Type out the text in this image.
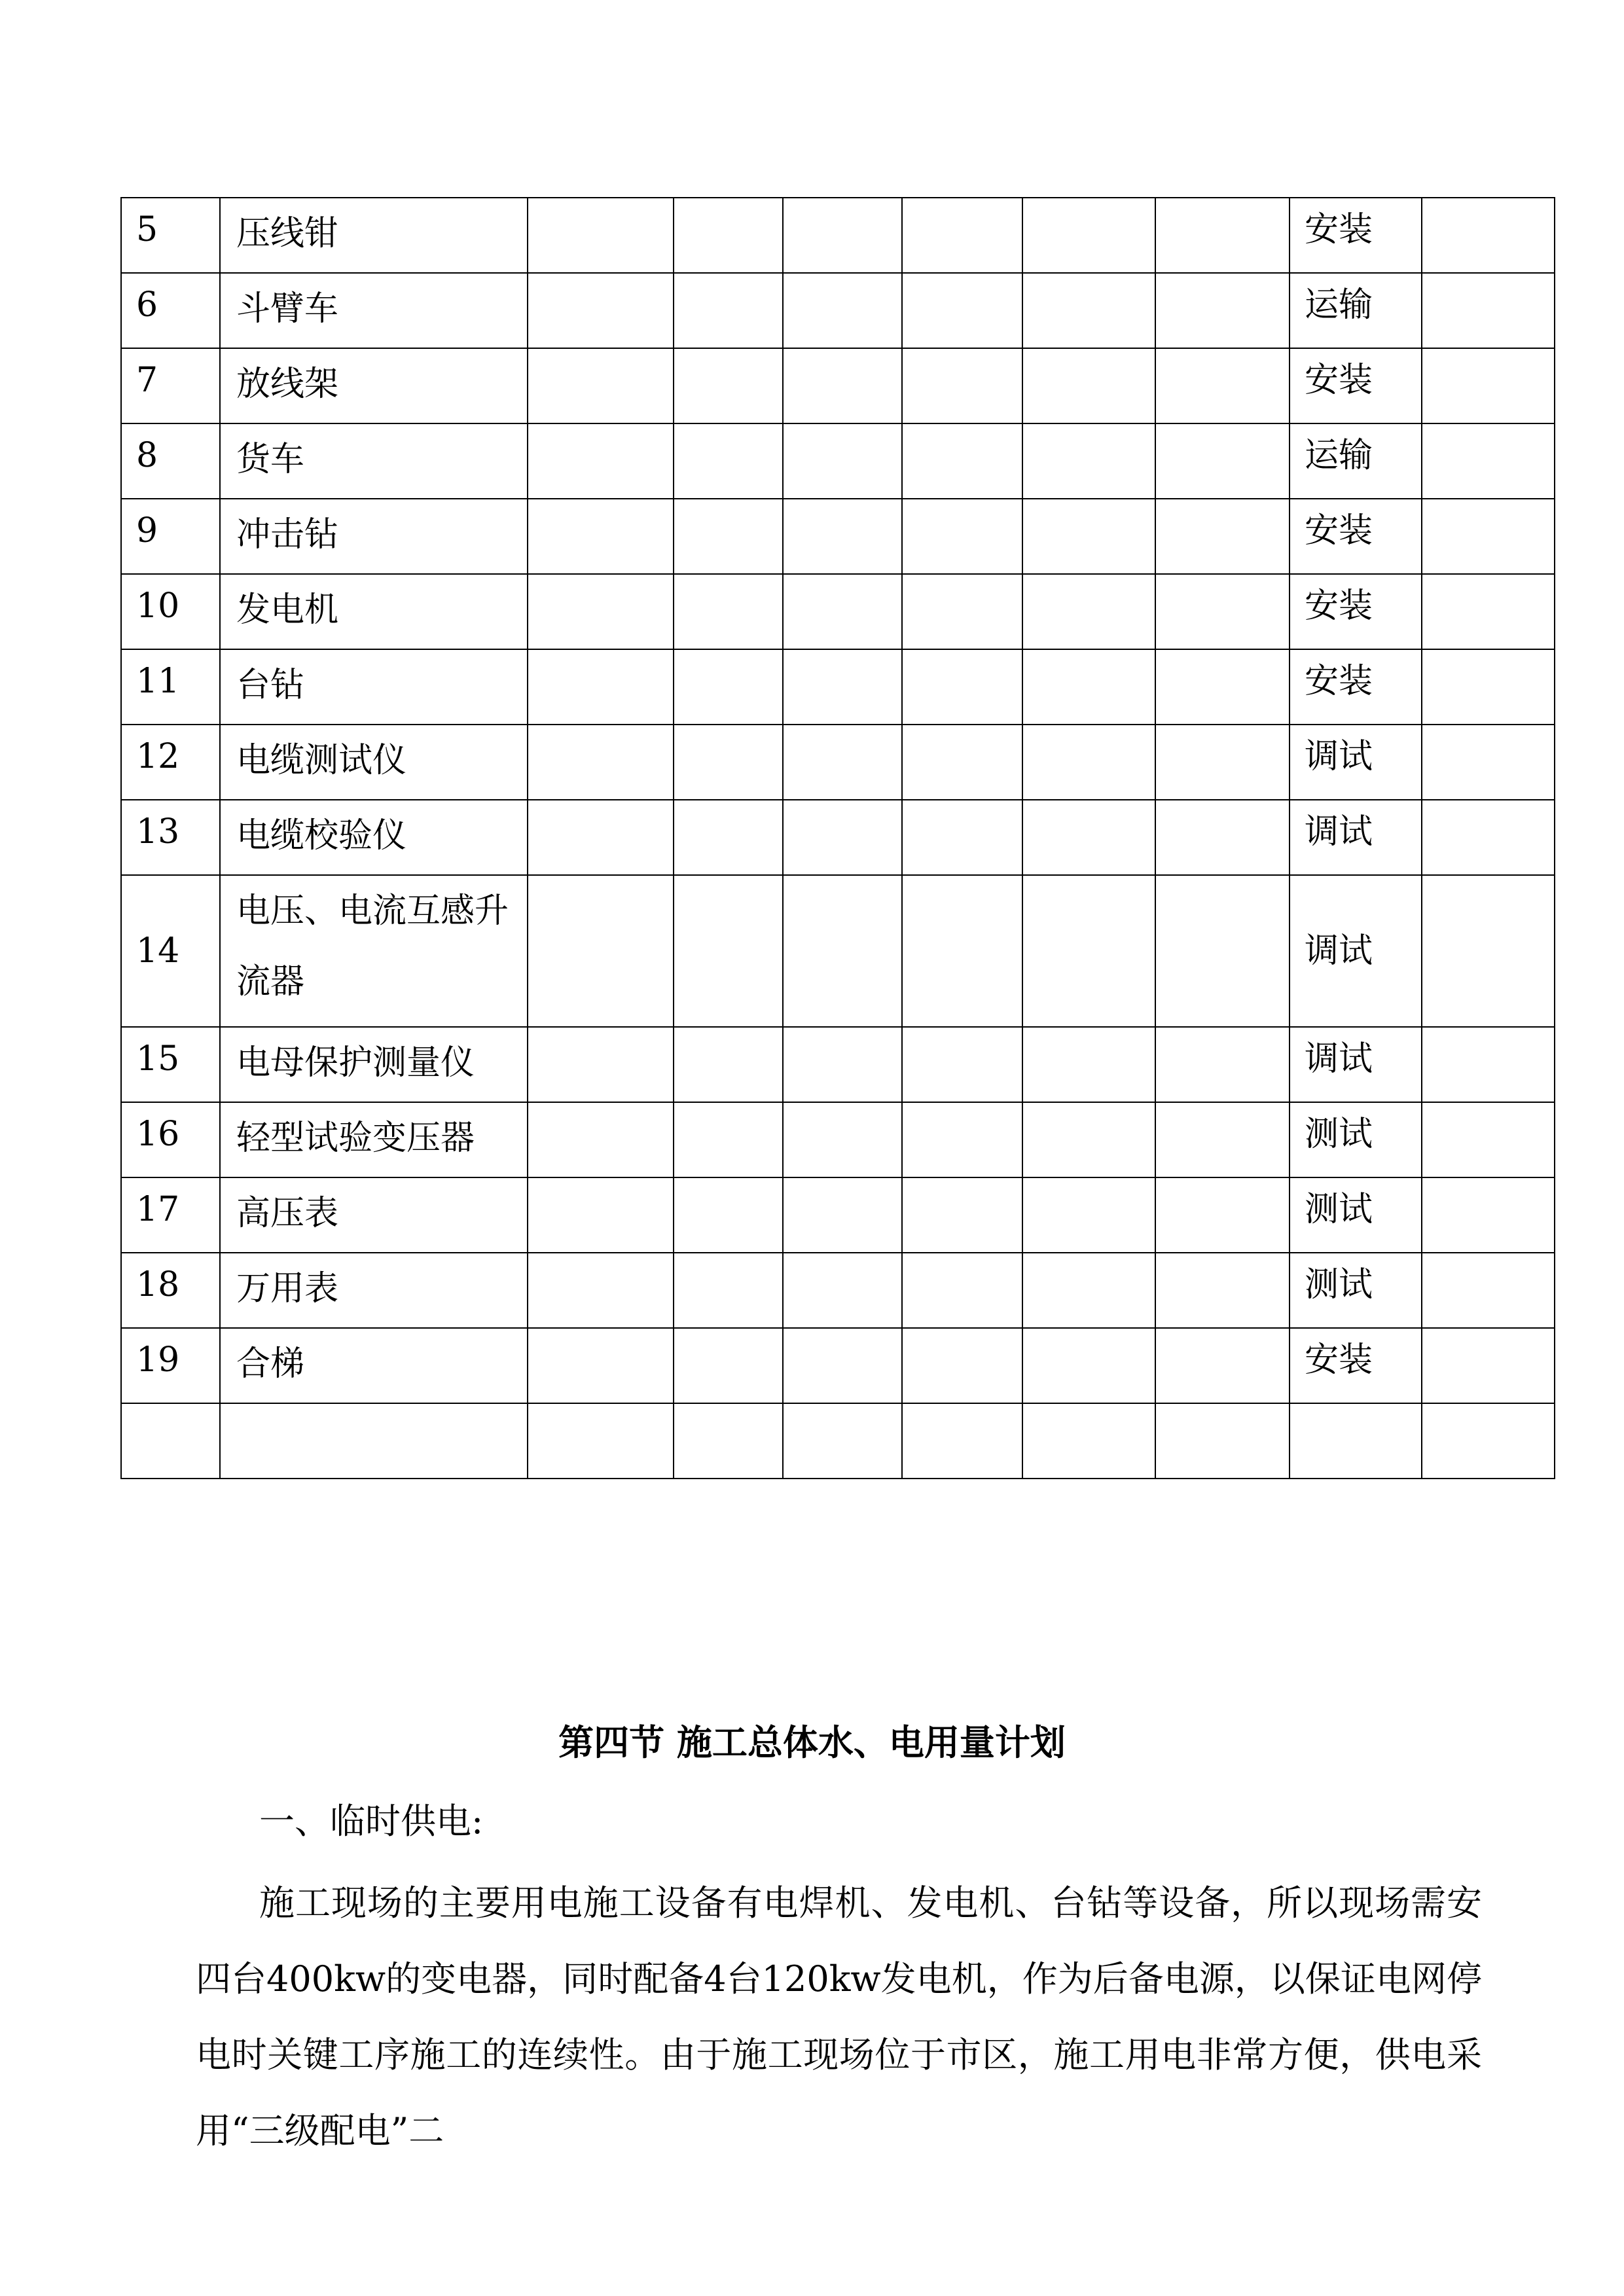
5	压线钳							安装	
6	斗臂车							运输	
7	放线架							安装	
8	货车							运输	
9	冲击钻							安装	
10	发电机							安装	
11	台钻							安装	
12	电缆测试仪							调试	
13	电缆校验仪							调试	
14	电压、电流互感升流器							调试	
15	电母保护测量仪							调试	
16	轻型试验变压器							测试	
17	高压表							测试	
18	万用表							测试	
19	合梯							安装	

第四节 施工总体水、电用量计划
一、临时供电:
施工现场的主要用电施工设备有电焊机、发电机、台钻等设备，所以现场需安四台400kw的变电器，同时配备4台120kw发电机，作为后备电源，以保证电网停电时关键工序施工的连续性。由于施工现场位于市区，施工用电非常方便，供电采用“三级配电”二
